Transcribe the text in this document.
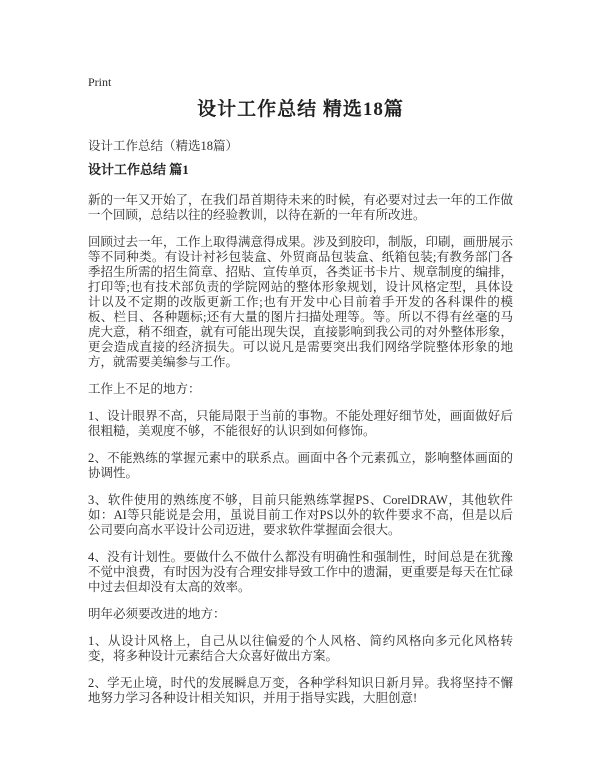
Print
设计工作总结 精选18篇
设计工作总结（精选18篇）
设计工作总结 篇1

新的一年又开始了，在我们昂首期待未来的时候，有必要对过去一年的工作做一个回顾，总结以往的经验教训，以待在新的一年有所改进。

回顾过去一年，工作上取得满意得成果。涉及到胶印，制版，印刷，画册展示等不同种类。有设计衬衫包装盒、外贸商品包装盒、纸箱包装;有教务部门各季招生所需的招生简章、招贴、宣传单页，各类证书卡片、规章制度的编排，打印等;也有技术部负责的学院网站的整体形象规划，设计风格定型，具体设计以及不定期的改版更新工作;也有开发中心目前着手开发的各科课件的模板、栏目、各种题标;还有大量的图片扫描处理等。等。所以不得有丝毫的马虎大意，稍不细查，就有可能出现失误，直接影响到我公司的对外整体形象，更会造成直接的经济损失。可以说凡是需要突出我们网络学院整体形象的地方，就需要美编参与工作。

工作上不足的地方：

1、设计眼界不高，只能局限于当前的事物。不能处理好细节处，画面做好后很粗糙，美观度不够，不能很好的认识到如何修饰。

2、不能熟练的掌握元素中的联系点。画面中各个元素孤立，影响整体画面的协调性。

3、软件使用的熟练度不够，目前只能熟练掌握PS、CorelDRAW，其他软件如：AI等只能说是会用，虽说目前工作对PS以外的软件要求不高，但是以后公司要向高水平设计公司迈进，要求软件掌握面会很大。

4、没有计划性。要做什么不做什么都没有明确性和强制性，时间总是在犹豫不觉中浪费，有时因为没有合理安排导致工作中的遗漏，更重要是每天在忙碌中过去但却没有太高的效率。

明年必须要改进的地方：

1、从设计风格上，自己从以往偏爱的个人风格、简约风格向多元化风格转变，将多种设计元素结合大众喜好做出方案。

2、学无止境，时代的发展瞬息万变，各种学科知识日新月异。我将坚持不懈地努力学习各种设计相关知识，并用于指导实践，大胆创意!
